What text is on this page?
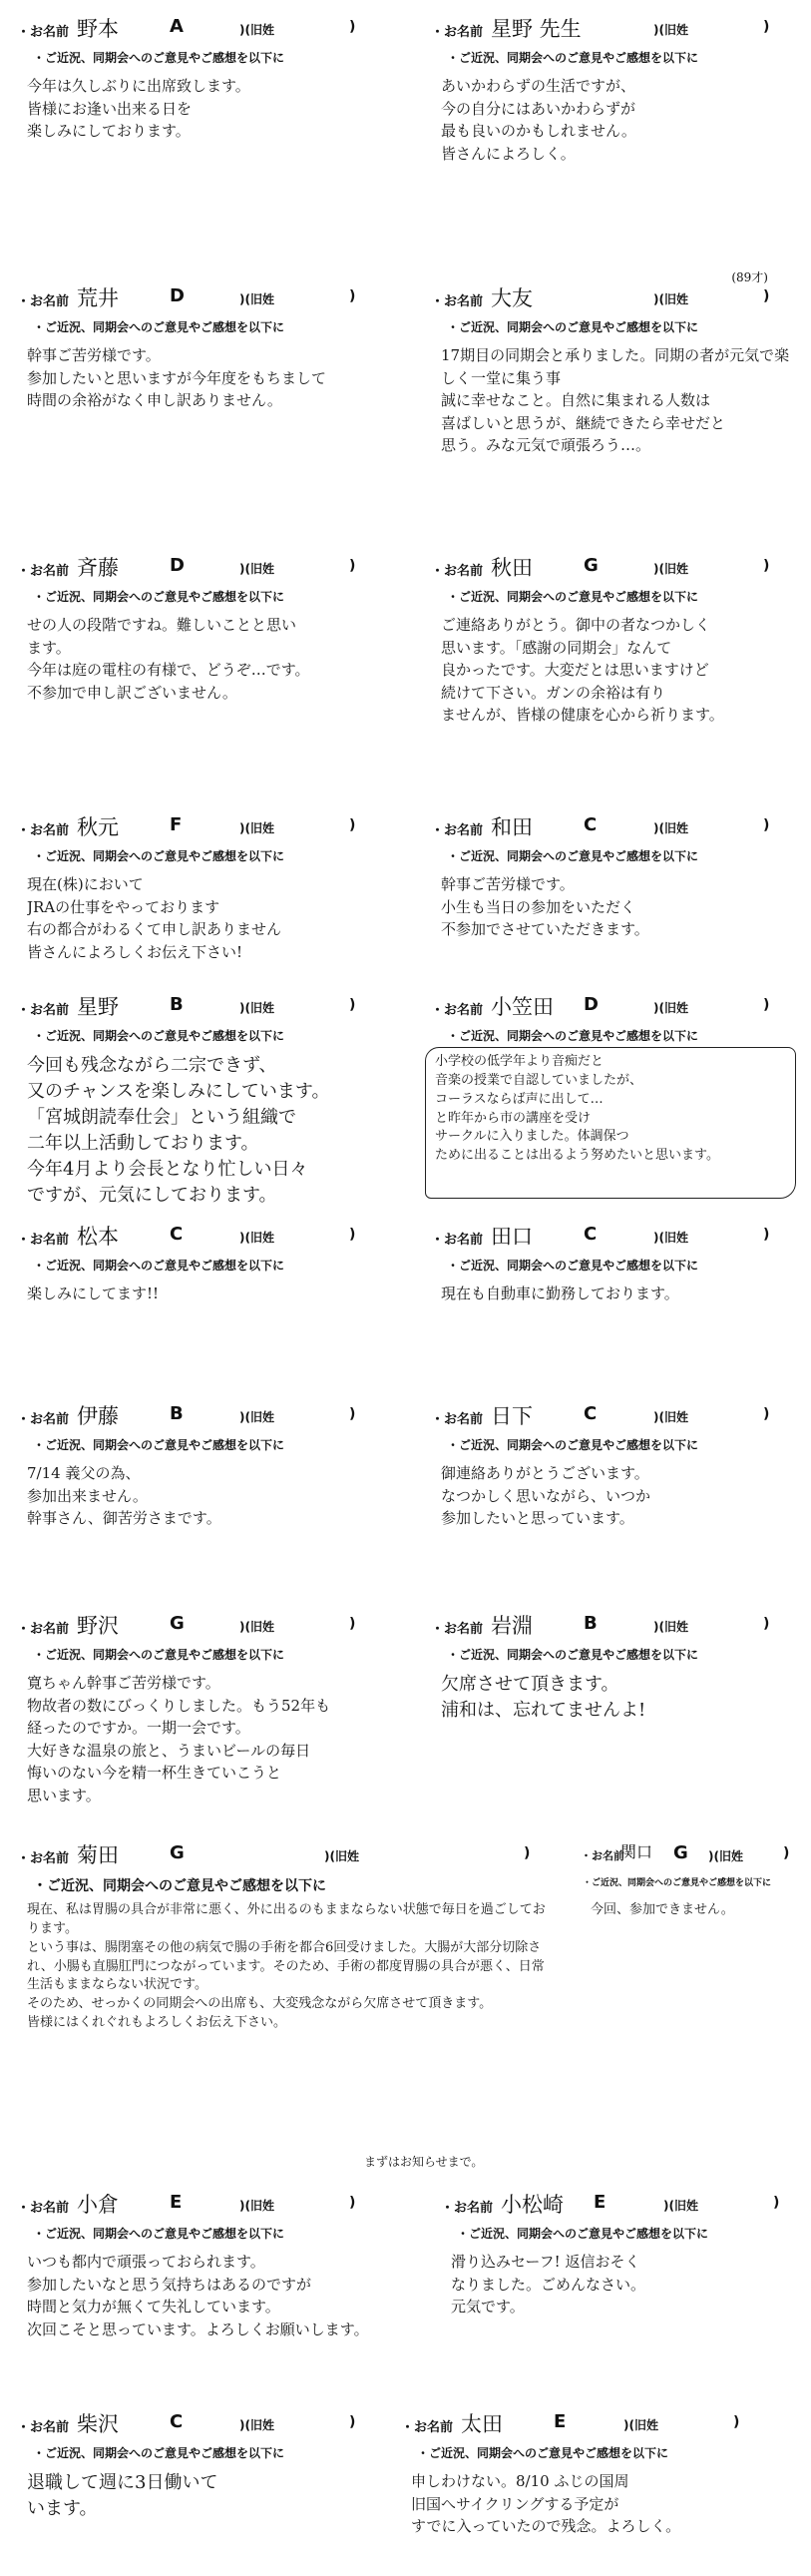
・お名前 野本	A	)(旧姓	)
・ご近況、同期会へのご意見やご感想を以下に
今年は久しぶりに出席致します。
皆様にお逢い出来る日を
楽しみにしております。
・お名前 星野 先生	)(旧姓	)
・ご近況、同期会へのご意見やご感想を以下に
あいかわらずの生活ですが、
今の自分にはあいかわらずが
最も良いのかもしれません。
皆さんによろしく。
・お名前 荒井	D	)(旧姓	)
・ご近況、同期会へのご意見やご感想を以下に
幹事ご苦労様です。
参加したいと思いますが今年度をもちまして
時間の余裕がなく申し訳ありません。
・お名前 大友	)(旧姓	)
(89才)
・ご近況、同期会へのご意見やご感想を以下に
17期目の同期会と承りました。同期の者が元気で楽しく一堂に集う事
誠に幸せなこと。自然に集まれる人数は
喜ばしいと思うが、継続できたら幸せだと
思う。みな元気で頑張ろう…。
・お名前 斉藤	D	)(旧姓	)
・ご近況、同期会へのご意見やご感想を以下に
せの人の段階ですね。難しいことと思い
ます。
今年は庭の電柱の有様で、どうぞ…です。
不参加で申し訳ございません。
・お名前 秋田	G	)(旧姓	)
・ご近況、同期会へのご意見やご感想を以下に
ご連絡ありがとう。御中の者なつかしく
思います。「感謝の同期会」なんて
良かったです。大変だとは思いますけど
続けて下さい。ガンの余裕は有り
ませんが、皆様の健康を心から祈ります。
・お名前 秋元	F	)(旧姓	)
・ご近況、同期会へのご意見やご感想を以下に
現在(株)において
JRAの仕事をやっております
右の都合がわるくて申し訳ありません
皆さんによろしくお伝え下さい!
・お名前 和田	C	)(旧姓	)
・ご近況、同期会へのご意見やご感想を以下に
幹事ご苦労様です。
小生も当日の参加をいただく
不参加でさせていただきます。
・お名前 星野	B	)(旧姓	)
・ご近況、同期会へのご意見やご感想を以下に
今回も残念ながら二宗できず、
又のチャンスを楽しみにしています。
「宮城朗読奉仕会」という組織で
二年以上活動しております。
今年4月より会長となり忙しい日々
ですが、元気にしております。
・お名前 小笠田 D	)(旧姓	)
・ご近況、同期会へのご意見やご感想を以下に
小学校の低学年より音痴だと
音楽の授業で自認していましたが、
コーラスならば声に出して…
と昨年から市の講座を受け
サークルに入りました。体調保つ
ために出ることは出るよう努めたいと思います。
・お名前 松本	C	)(旧姓	)
・ご近況、同期会へのご意見やご感想を以下に
楽しみにしてます!!
・お名前 田口	C	)(旧姓	)
・ご近況、同期会へのご意見やご感想を以下に
現在も自動車に勤務しております。
・お名前 伊藤	B	)(旧姓	)
・ご近況、同期会へのご意見やご感想を以下に
7/14 義父の為、
参加出来ません。
幹事さん、御苦労さまです。
・お名前 日下	C	)(旧姓	)
・ご近況、同期会へのご意見やご感想を以下に
御連絡ありがとうございます。
なつかしく思いながら、いつか
参加したいと思っています。
・お名前 野沢	G	)(旧姓	)
・ご近況、同期会へのご意見やご感想を以下に
寛ちゃん幹事ご苦労様です。
物故者の数にびっくりしました。もう52年も
経ったのですか。一期一会です。
大好きな温泉の旅と、うまいビールの毎日
悔いのない今を精一杯生きていこうと
思います。
・お名前 岩淵	B	)(旧姓	)
・ご近況、同期会へのご意見やご感想を以下に
欠席させて頂きます。
浦和は、忘れてませんよ!
・お名前 菊田	G	)(旧姓	)
・ご近況、同期会へのご意見やご感想を以下に
現在、私は胃腸の具合が非常に悪く、外に出るのもままならない状態で毎日を過ごしております。
という事は、腸閉塞その他の病気で腸の手術を都合6回受けました。大腸が大部分切除され、小腸も直腸肛門につながっています。そのため、手術の都度胃腸の具合が悪く、日常生活もままならない状況です。
そのため、せっかくの同期会への出席も、大変残念ながら欠席させて頂きます。
皆様にはくれぐれもよろしくお伝え下さい。
まずはお知らせまで。
・お名前
関口 G )(旧姓	)
・ご近況、同期会へのご意見やご感想を以下に
今回、参加できません。
・お名前 小倉	E	)(旧姓	)
・ご近況、同期会へのご意見やご感想を以下に
いつも都内で頑張っておられます。
参加したいなと思う気持ちはあるのですが
時間と気力が無くて失礼しています。
次回こそと思っています。よろしくお願いします。
・お名前 小松崎 E	)(旧姓	)
・ご近況、同期会へのご意見やご感想を以下に
滑り込みセーフ! 返信おそく
なりました。ごめんなさい。
元気です。
・お名前 柴沢	C	)(旧姓	)
・ご近況、同期会へのご意見やご感想を以下に
退職して週に3日働いて
います。
・お名前 太田	E	)(旧姓	)
・ご近況、同期会へのご意見やご感想を以下に
申しわけない。8/10 ふじの国周
旧国へサイクリングする予定が
すでに入っていたので残念。よろしく。
